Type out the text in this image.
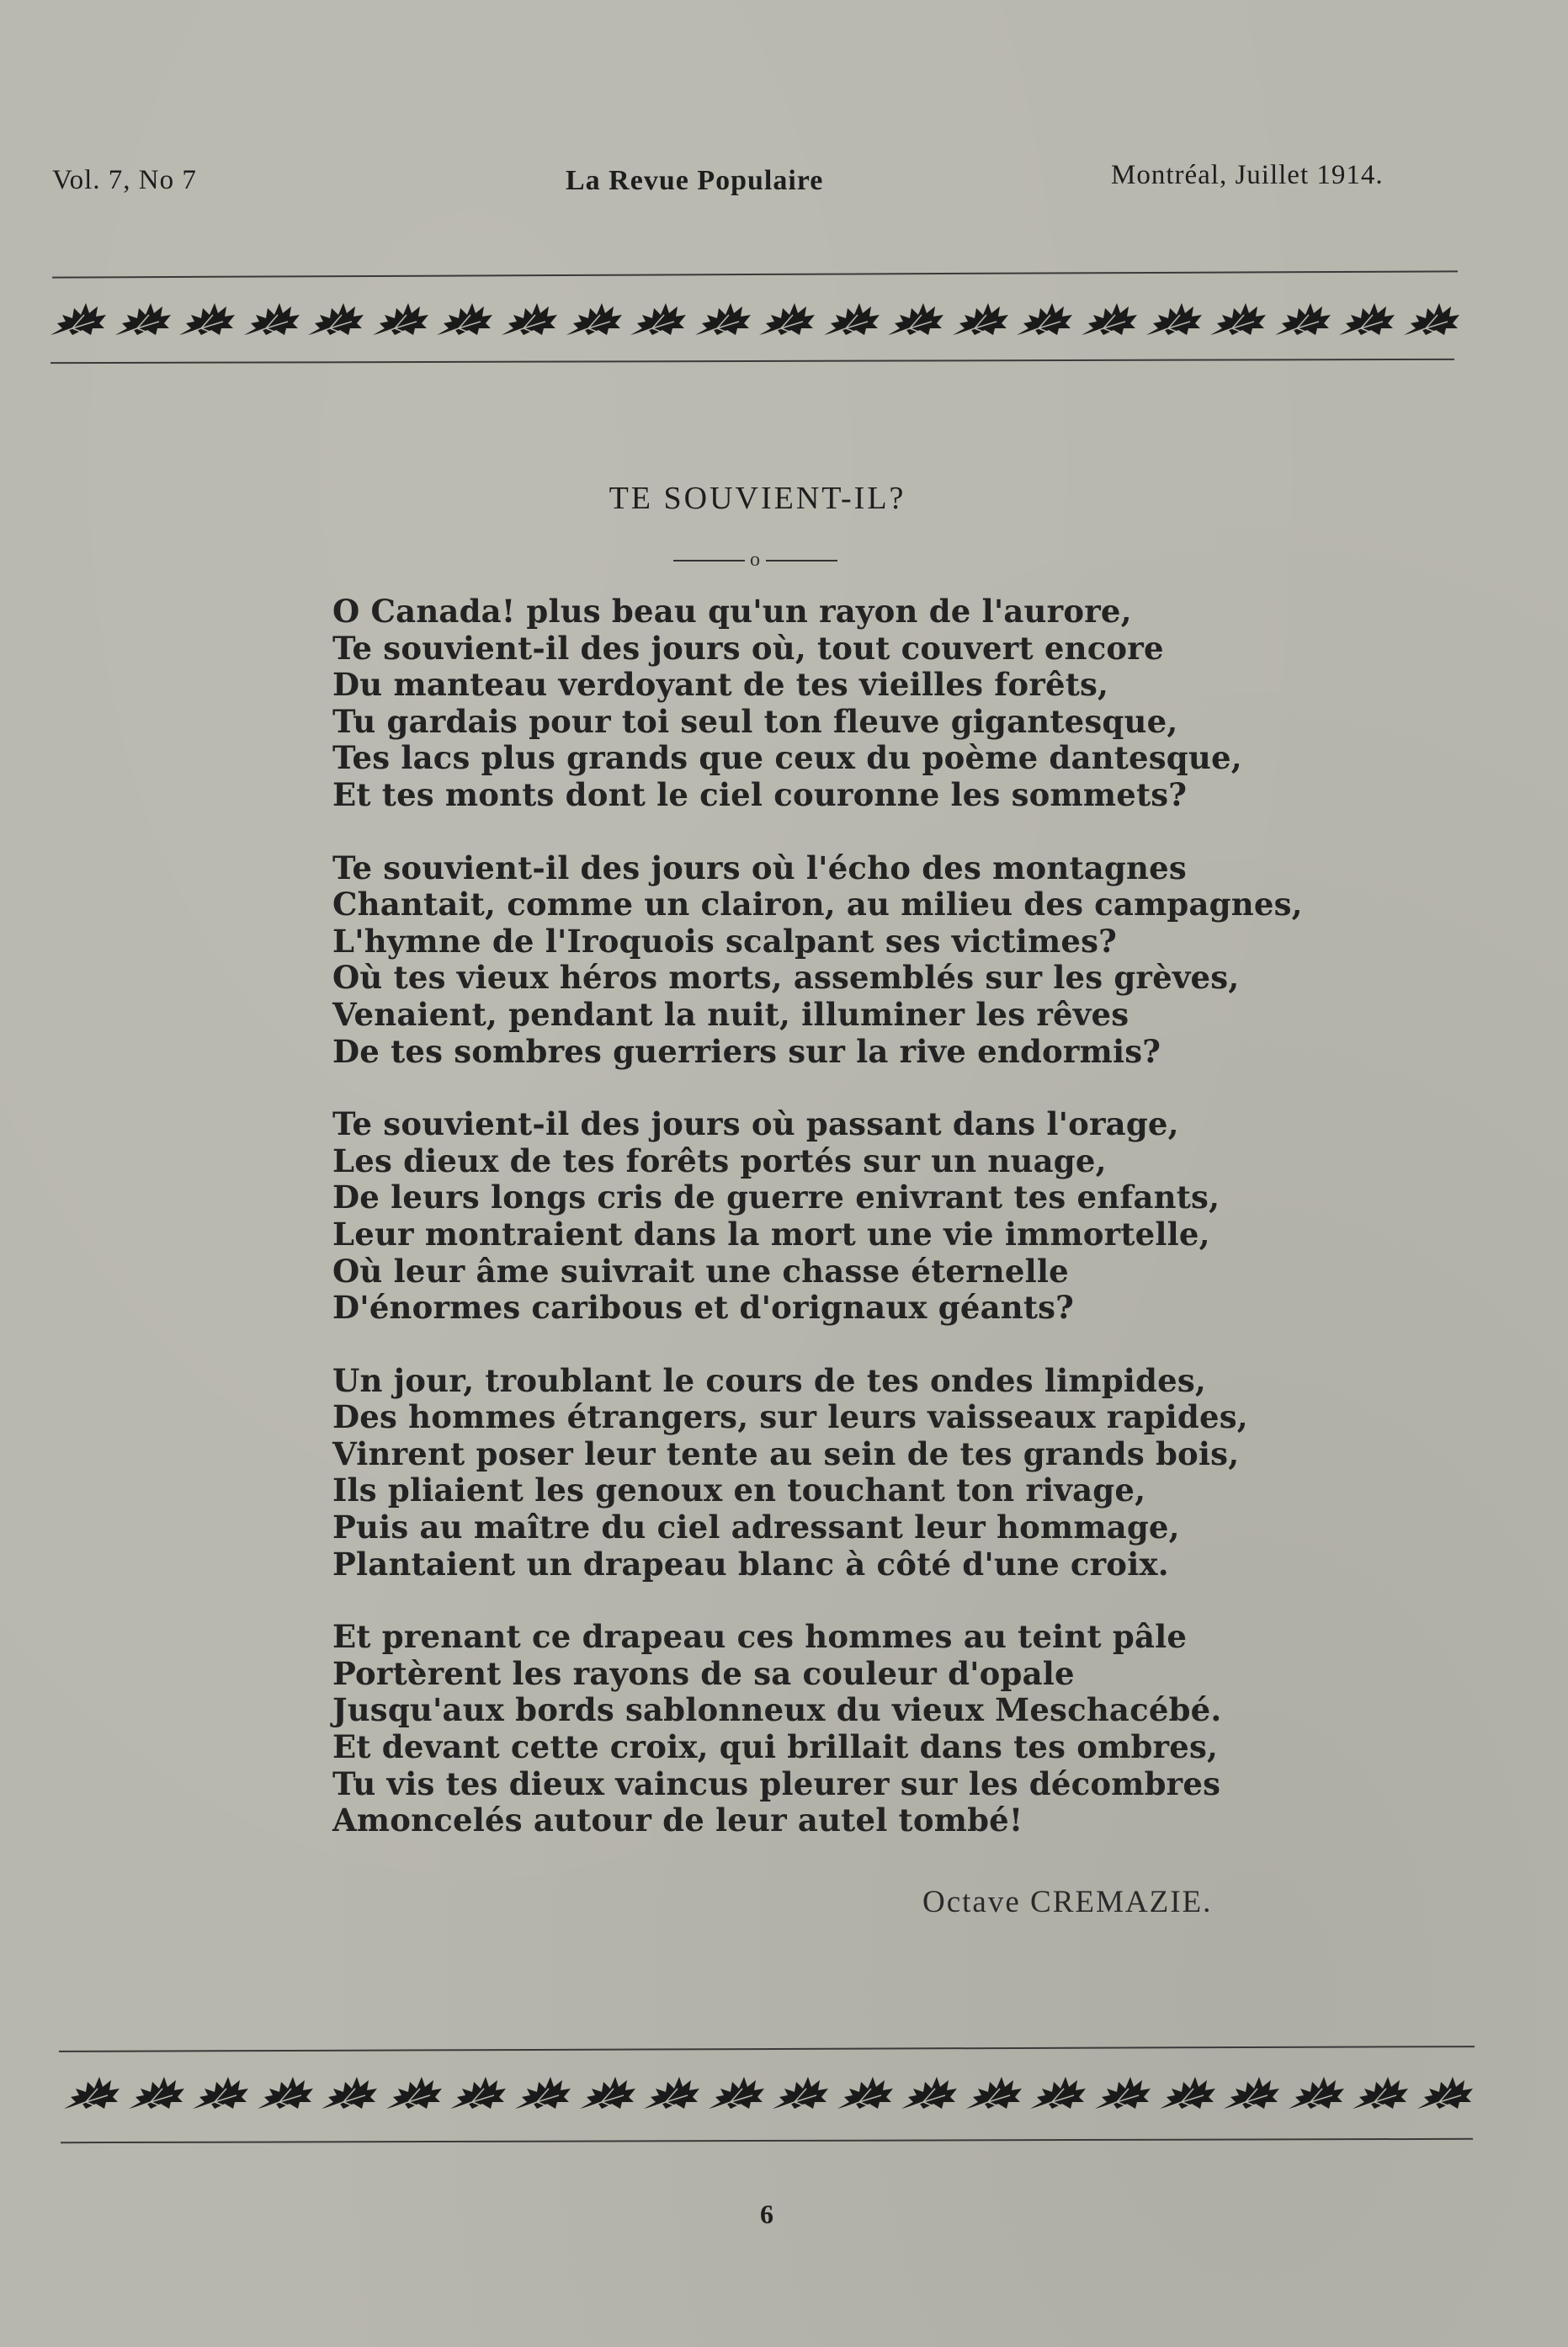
Vol. 7, No 7	La Revue Populaire	Montréal, Juillet 1914.
TE SOUVIENT-IL?
o
O Canada! plus beau qu'un rayon de l'aurore,
Te souvient-il des jours où, tout couvert encore
Du manteau verdoyant de tes vieilles forêts,
Tu gardais pour toi seul ton fleuve gigantesque,
Tes lacs plus grands que ceux du poème dantesque,
Et tes monts dont le ciel couronne les sommets?
Te souvient-il des jours où l'écho des montagnes
Chantait, comme un clairon, au milieu des campagnes,
L'hymne de l'Iroquois scalpant ses victimes?
Où tes vieux héros morts, assemblés sur les grèves,
Venaient, pendant la nuit, illuminer les rêves
De tes sombres guerriers sur la rive endormis?
Te souvient-il des jours où passant dans l'orage,
Les dieux de tes forêts portés sur un nuage,
De leurs longs cris de guerre enivrant tes enfants,
Leur montraient dans la mort une vie immortelle,
Où leur âme suivrait une chasse éternelle
D'énormes caribous et d'orignaux géants?
Un jour, troublant le cours de tes ondes limpides,
Des hommes étrangers, sur leurs vaisseaux rapides,
Vinrent poser leur tente au sein de tes grands bois,
Ils pliaient les genoux en touchant ton rivage,
Puis au maître du ciel adressant leur hommage,
Plantaient un drapeau blanc à côté d'une croix.
Et prenant ce drapeau ces hommes au teint pâle
Portèrent les rayons de sa couleur d'opale
Jusqu'aux bords sablonneux du vieux Meschacébé.
Et devant cette croix, qui brillait dans tes ombres,
Tu vis tes dieux vaincus pleurer sur les décombres
Amoncelés autour de leur autel tombé!
Octave CREMAZIE.
6
